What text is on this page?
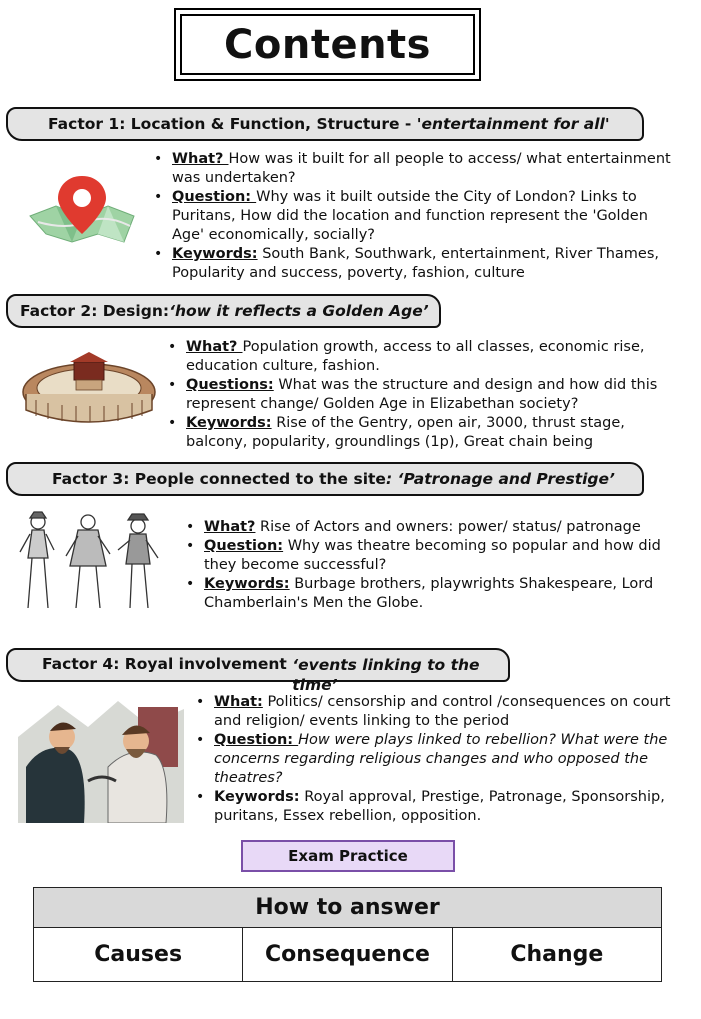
Contents
Factor 1: Location & Function, Structure -
'entertainment for all'
• What? How was it built for all people to access/ what entertainment was undertaken?
• Question: Why was it built outside the City of London? Links to Puritans, How did the location and function represent the 'Golden Age' economically, socially?
• Keywords: South Bank, Southwark, entertainment, River Thames, Popularity and success, poverty, fashion, culture
Factor 2: Design: ‘how it reflects a Golden Age’
• What? Population growth, access to all classes, economic rise, education culture, fashion.
• Questions: What was the structure and design and how did this represent change/ Golden Age in Elizabethan society?
• Keywords: Rise of the Gentry, open air, 3000, thrust stage, balcony, popularity, groundlings (1p), Great chain being
Factor 3: People connected to the site : ‘Patronage and Prestige’
• What? Rise of Actors and owners: power/ status/ patronage
• Question: Why was theatre becoming so popular and how did they become successful?
• Keywords: Burbage brothers, playwrights Shakespeare, Lord Chamberlain's Men the Globe.
Factor 4: Royal involvement
‘events linking to the time’
• What: Politics/ censorship and control /consequences on court and religion/ events linking to the period
• Question: How were plays linked to rebellion? What were the concerns regarding religious changes and who opposed the theatres?
• Keywords: Royal approval, Prestige, Patronage, Sponsorship, puritans, Essex rebellion, opposition.
Exam Practice
How to answer
Causes	Consequence	Change
